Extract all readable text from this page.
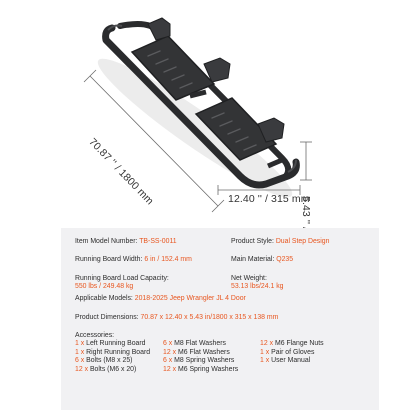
70.87 '' / 1800 mm	12.40 '' / 315 mm
Item Model Number: TB-SS-0011	Product Style: Dual Step Design
Running Board Width: 6 in / 152.4 mm	Main Material: Q235
Running Board Load Capacity:
550 lbs / 249.48 kg
Net Weight:
53.13 lbs/24.1 kg
Applicable Models: 2018-2025 Jeep Wrangler JL 4 Door
Product Dimensions: 70.87 x 12.40 x 5.43 in/1800 x 315 x 138 mm
Accessories:
1 x Left Running Board
1 x Right Running Board
6 x Bolts (M8 x 25)
12 x Bolts (M6 x 20)
6 x M8 Flat Washers
12 x M6 Flat Washers
6 x M8 Spring Washers
12 x M6 Spring Washers
12 x M6 Flange Nuts
1 x Pair of Gloves
1 x User Manual
